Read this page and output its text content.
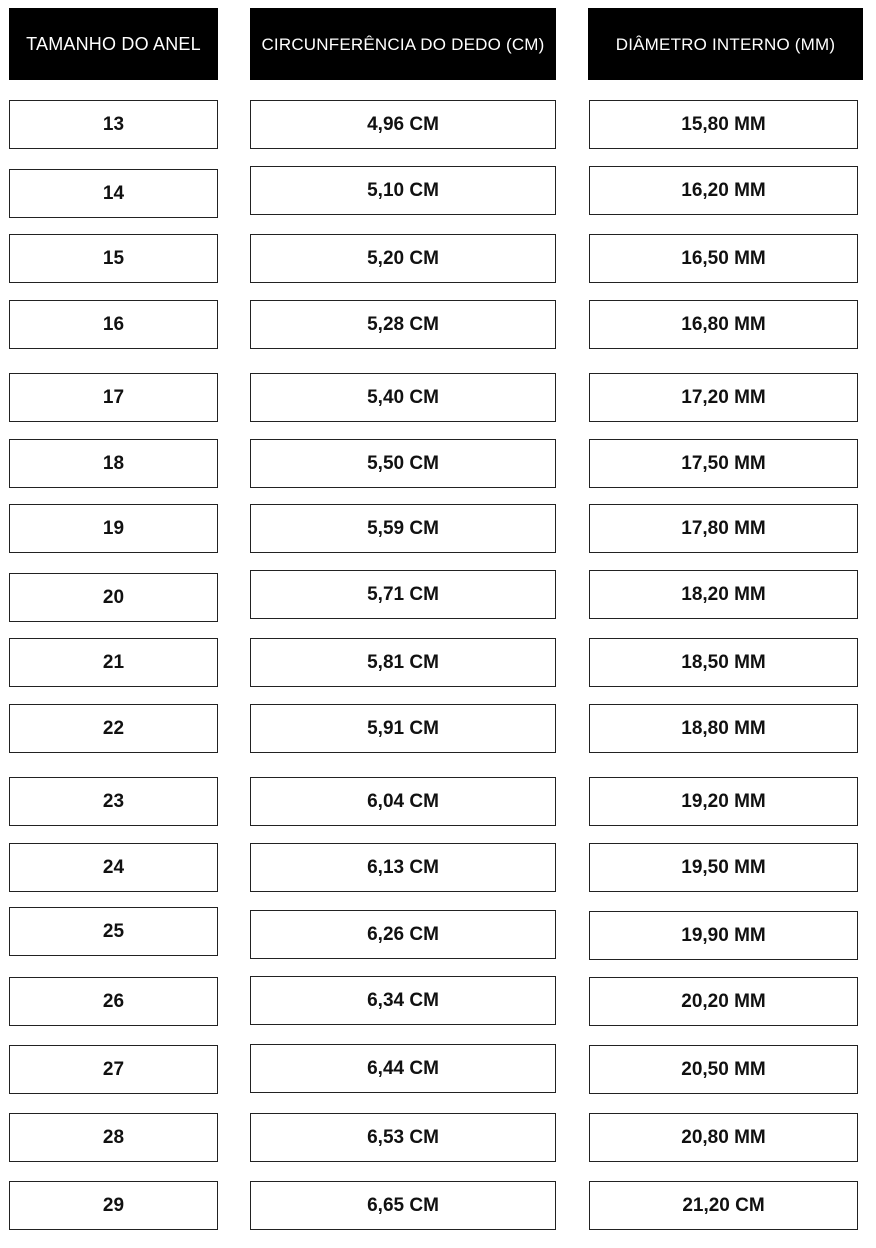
TAMANHO DO ANEL	CIRCUNFERÊNCIA DO DEDO (CM)	DIÂMETRO INTERNO (MM)
13	4,96 CM	15,80 MM
14	5,10 CM	16,20 MM
15	5,20 CM	16,50 MM
16	5,28 CM	16,80 MM
17	5,40 CM	17,20 MM
18	5,50 CM	17,50 MM
19	5,59 CM	17,80 MM
20	5,71 CM	18,20 MM
21	5,81 CM	18,50 MM
22	5,91 CM	18,80 MM
23	6,04 CM	19,20 MM
24	6,13 CM	19,50 MM
25	6,26 CM	19,90 MM
26	6,34 CM	20,20 MM
27	6,44 CM	20,50 MM
28	6,53 CM	20,80 MM
29	6,65 CM	21,20 CM
